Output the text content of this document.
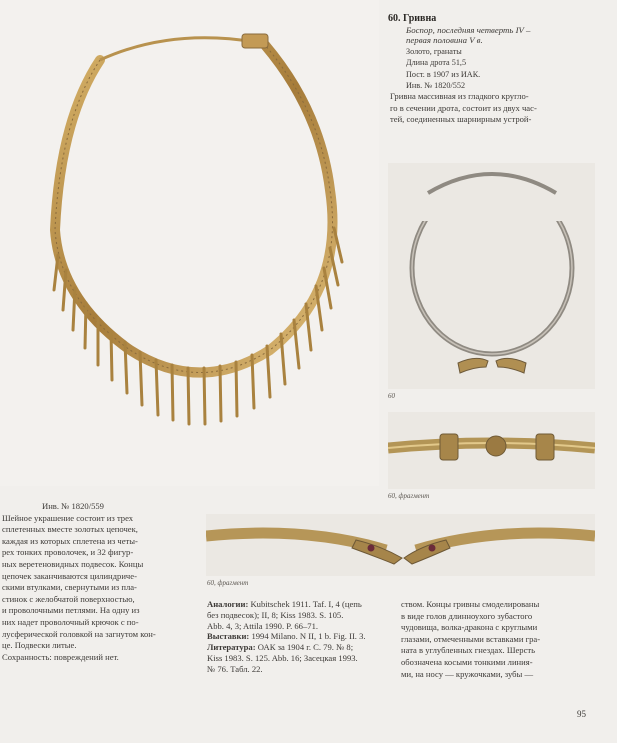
60. Гривна

Боспор, последняя четверть IV –

первая половина V в.

Золото, гранаты

Длина дрота 51,5

Пост. в 1907 из ИАК.

Инв. № 1820/552

Гривна массивная из гладкого кругло-

го в сечении дрота, состоит из двух час-

тей, соединенных шарнирным устрой-

60
60, фрагмент

Инв. № 1820/559

Шейное украшение состоит из трех

сплетенных вместе золотых цепочек,

каждая из которых сплетена из четы-

рех тонких проволочек, и 32 фигур-

ных веретеновидных подвесок. Концы

цепочек заканчиваются цилиндриче-

скими втулками, свернутыми из пла-

стинок с желобчатой поверхностью,

и проволочными петлями. На одну из

них надет проволочный крючок с по-

лусферической головкой на загнутом кон-

це. Подвески литые.

Сохранность: повреждений нет.

60, фрагмент

Аналогии: Kubitschek 1911. Taf. I, 4 (цепь

без подвесок); II, 8; Kiss 1983. S. 105.

Abb. 4, 3; Attila 1990. P. 66–71.

Выставки: 1994 Milano. N II, 1 b. Fig. II. 3.

Литература: ОАК за 1904 г. С. 79. № 8;

Kiss 1983. S. 125. Abb. 16; Засецкая 1993.

№ 76. Табл. 22.

ством. Концы гривны смоделированы

в виде голов длинноухого зубастого

чудовища, волка-дракона с круглыми

глазами, отмеченными вставками гра-

ната в углубленных гнездах. Шерсть

обозначена косыми тонкими линия-

ми, на носу — кружочками, зубы —

95
